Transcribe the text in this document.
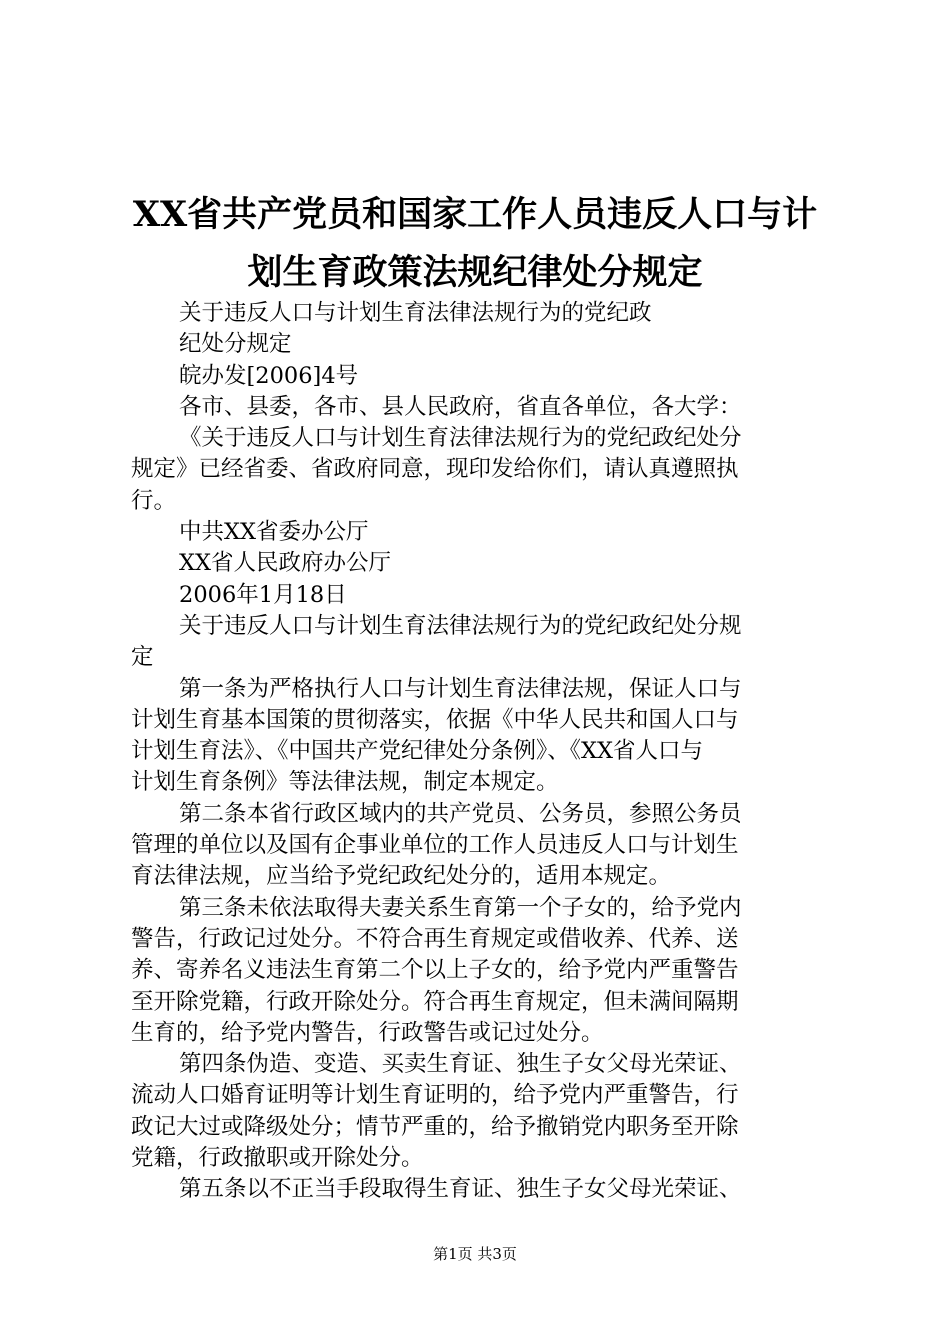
XX省共产党员和国家工作人员违反人口与计
划生育政策法规纪律处分规定
关于违反人口与计划生育法律法规行为的党纪政
纪处分规定
皖办发[2006]4号
各市、县委，各市、县人民政府，省直各单位，各大学：
《关于违反人口与计划生育法律法规行为的党纪政纪处分
规定》已经省委、省政府同意，现印发给你们，请认真遵照执
行。
中共XX省委办公厅
XX省人民政府办公厅
2006年1月18日
关于违反人口与计划生育法律法规行为的党纪政纪处分规
定
第一条为严格执行人口与计划生育法律法规，保证人口与
计划生育基本国策的贯彻落实，依据《中华人民共和国人口与
计划生育法》、《中国共产党纪律处分条例》、《XX省人口与
计划生育条例》等法律法规，制定本规定。
第二条本省行政区域内的共产党员、公务员，参照公务员
管理的单位以及国有企事业单位的工作人员违反人口与计划生
育法律法规，应当给予党纪政纪处分的，适用本规定。
第三条未依法取得夫妻关系生育第一个子女的，给予党内
警告，行政记过处分。不符合再生育规定或借收养、代养、送
养、寄养名义违法生育第二个以上子女的，给予党内严重警告
至开除党籍，行政开除处分。符合再生育规定，但未满间隔期
生育的，给予党内警告，行政警告或记过处分。
第四条伪造、变造、买卖生育证、独生子女父母光荣证、
流动人口婚育证明等计划生育证明的，给予党内严重警告，行
政记大过或降级处分；情节严重的，给予撤销党内职务至开除
党籍，行政撤职或开除处分。
第五条以不正当手段取得生育证、独生子女父母光荣证、
第1页 共3页
